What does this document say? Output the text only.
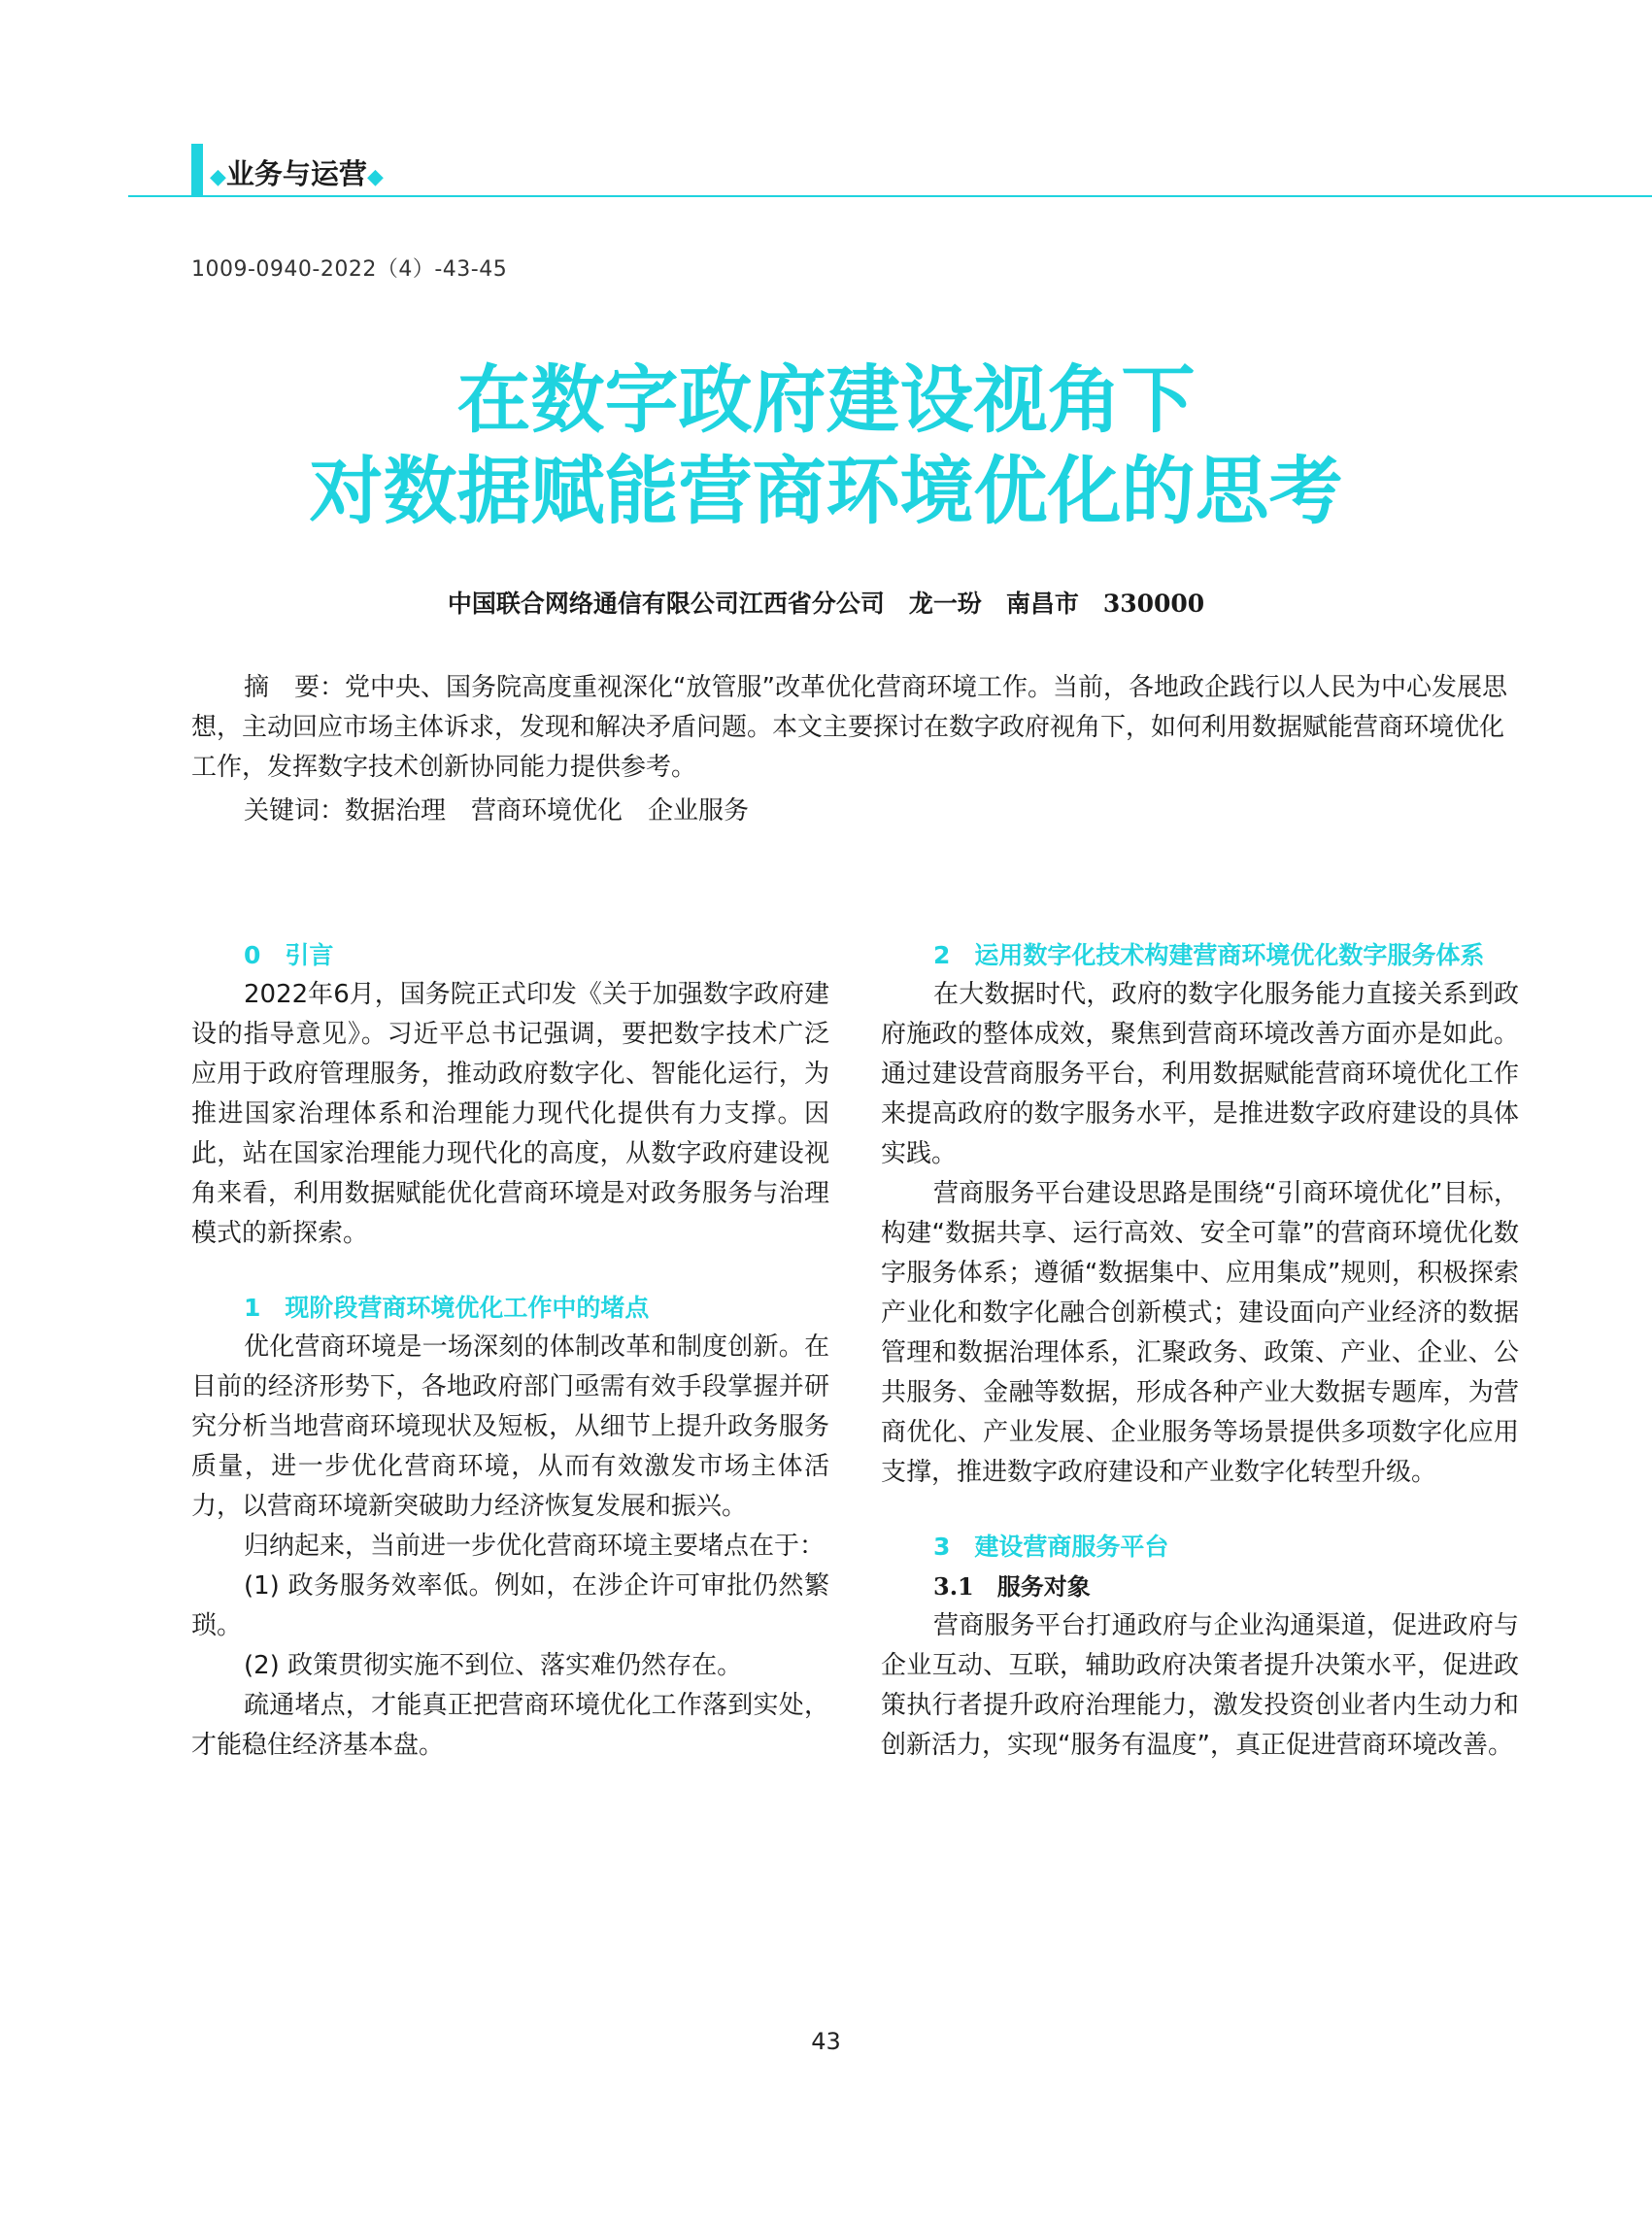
◆业务与运营◆
1009-0940-2022（4）-43-45
在数字政府建设视角下
对数据赋能营商环境优化的思考
中国联合网络通信有限公司江西省分公司　龙一玢　南昌市　330000

摘　要：党中央、国务院高度重视深化“放管服”改革优化营商环境工作。当前，各地政企践行以人民为中心发展思想，主动回应市场主体诉求，发现和解决矛盾问题。本文主要探讨在数字政府视角下，如何利用数据赋能营商环境优化工作，发挥数字技术创新协同能力提供参考。

关键词：数据治理　营商环境优化　企业服务

0　引言

2022年6月，国务院正式印发《关于加强数字政府建设的指导意见》。习近平总书记强调，要把数字技术广泛应用于政府管理服务，推动政府数字化、智能化运行，为推进国家治理体系和治理能力现代化提供有力支撑。因此，站在国家治理能力现代化的高度，从数字政府建设视角来看，利用数据赋能优化营商环境是对政务服务与治理模式的新探索。

1　现阶段营商环境优化工作中的堵点

优化营商环境是一场深刻的体制改革和制度创新。在目前的经济形势下，各地政府部门亟需有效手段掌握并研究分析当地营商环境现状及短板，从细节上提升政务服务质量，进一步优化营商环境，从而有效激发市场主体活力，以营商环境新突破助力经济恢复发展和振兴。

归纳起来，当前进一步优化营商环境主要堵点在于：

(1) 政务服务效率低。例如，在涉企许可审批仍然繁琐。

(2) 政策贯彻实施不到位、落实难仍然存在。

疏通堵点，才能真正把营商环境优化工作落到实处，才能稳住经济基本盘。

2　运用数字化技术构建营商环境优化数字服务体系

在大数据时代，政府的数字化服务能力直接关系到政府施政的整体成效，聚焦到营商环境改善方面亦是如此。通过建设营商服务平台，利用数据赋能营商环境优化工作来提高政府的数字服务水平，是推进数字政府建设的具体实践。

营商服务平台建设思路是围绕“引商环境优化”目标，构建“数据共享、运行高效、安全可靠”的营商环境优化数字服务体系；遵循“数据集中、应用集成”规则，积极探索产业化和数字化融合创新模式；建设面向产业经济的数据管理和数据治理体系，汇聚政务、政策、产业、企业、公共服务、金融等数据，形成各种产业大数据专题库，为营商优化、产业发展、企业服务等场景提供多项数字化应用支撑，推进数字政府建设和产业数字化转型升级。

3　建设营商服务平台
3.1　服务对象

营商服务平台打通政府与企业沟通渠道，促进政府与企业互动、互联，辅助政府决策者提升决策水平，促进政策执行者提升政府治理能力，激发投资创业者内生动力和创新活力，实现“服务有温度”，真正促进营商环境改善。

43
